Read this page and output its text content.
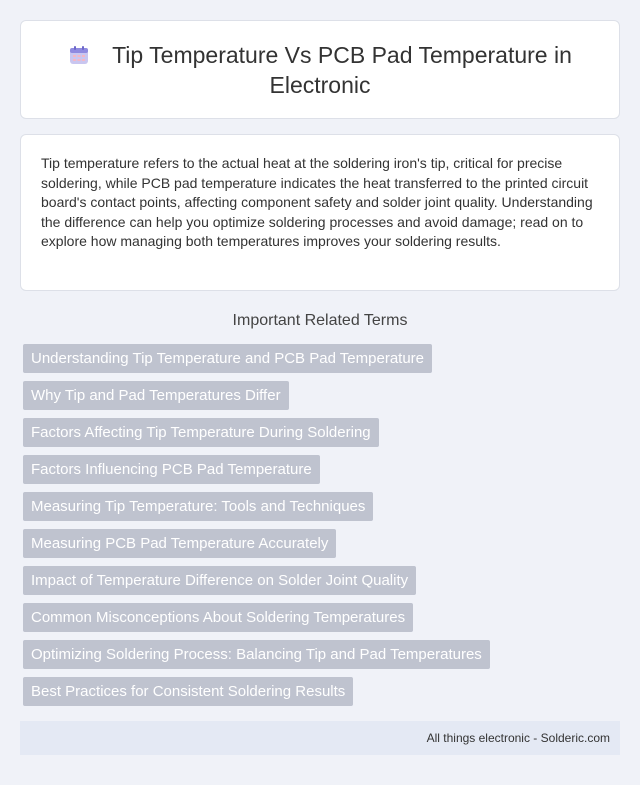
Tip Temperature Vs PCB Pad Temperature in Electronic
Tip temperature refers to the actual heat at the soldering iron's tip, critical for precise soldering, while PCB pad temperature indicates the heat transferred to the printed circuit board's contact points, affecting component safety and solder joint quality. Understanding the difference can help you optimize soldering processes and avoid damage; read on to explore how managing both temperatures improves your soldering results.
Important Related Terms
Understanding Tip Temperature and PCB Pad Temperature
Why Tip and Pad Temperatures Differ
Factors Affecting Tip Temperature During Soldering
Factors Influencing PCB Pad Temperature
Measuring Tip Temperature: Tools and Techniques
Measuring PCB Pad Temperature Accurately
Impact of Temperature Difference on Solder Joint Quality
Common Misconceptions About Soldering Temperatures
Optimizing Soldering Process: Balancing Tip and Pad Temperatures
Best Practices for Consistent Soldering Results
All things electronic - Solderic.com
